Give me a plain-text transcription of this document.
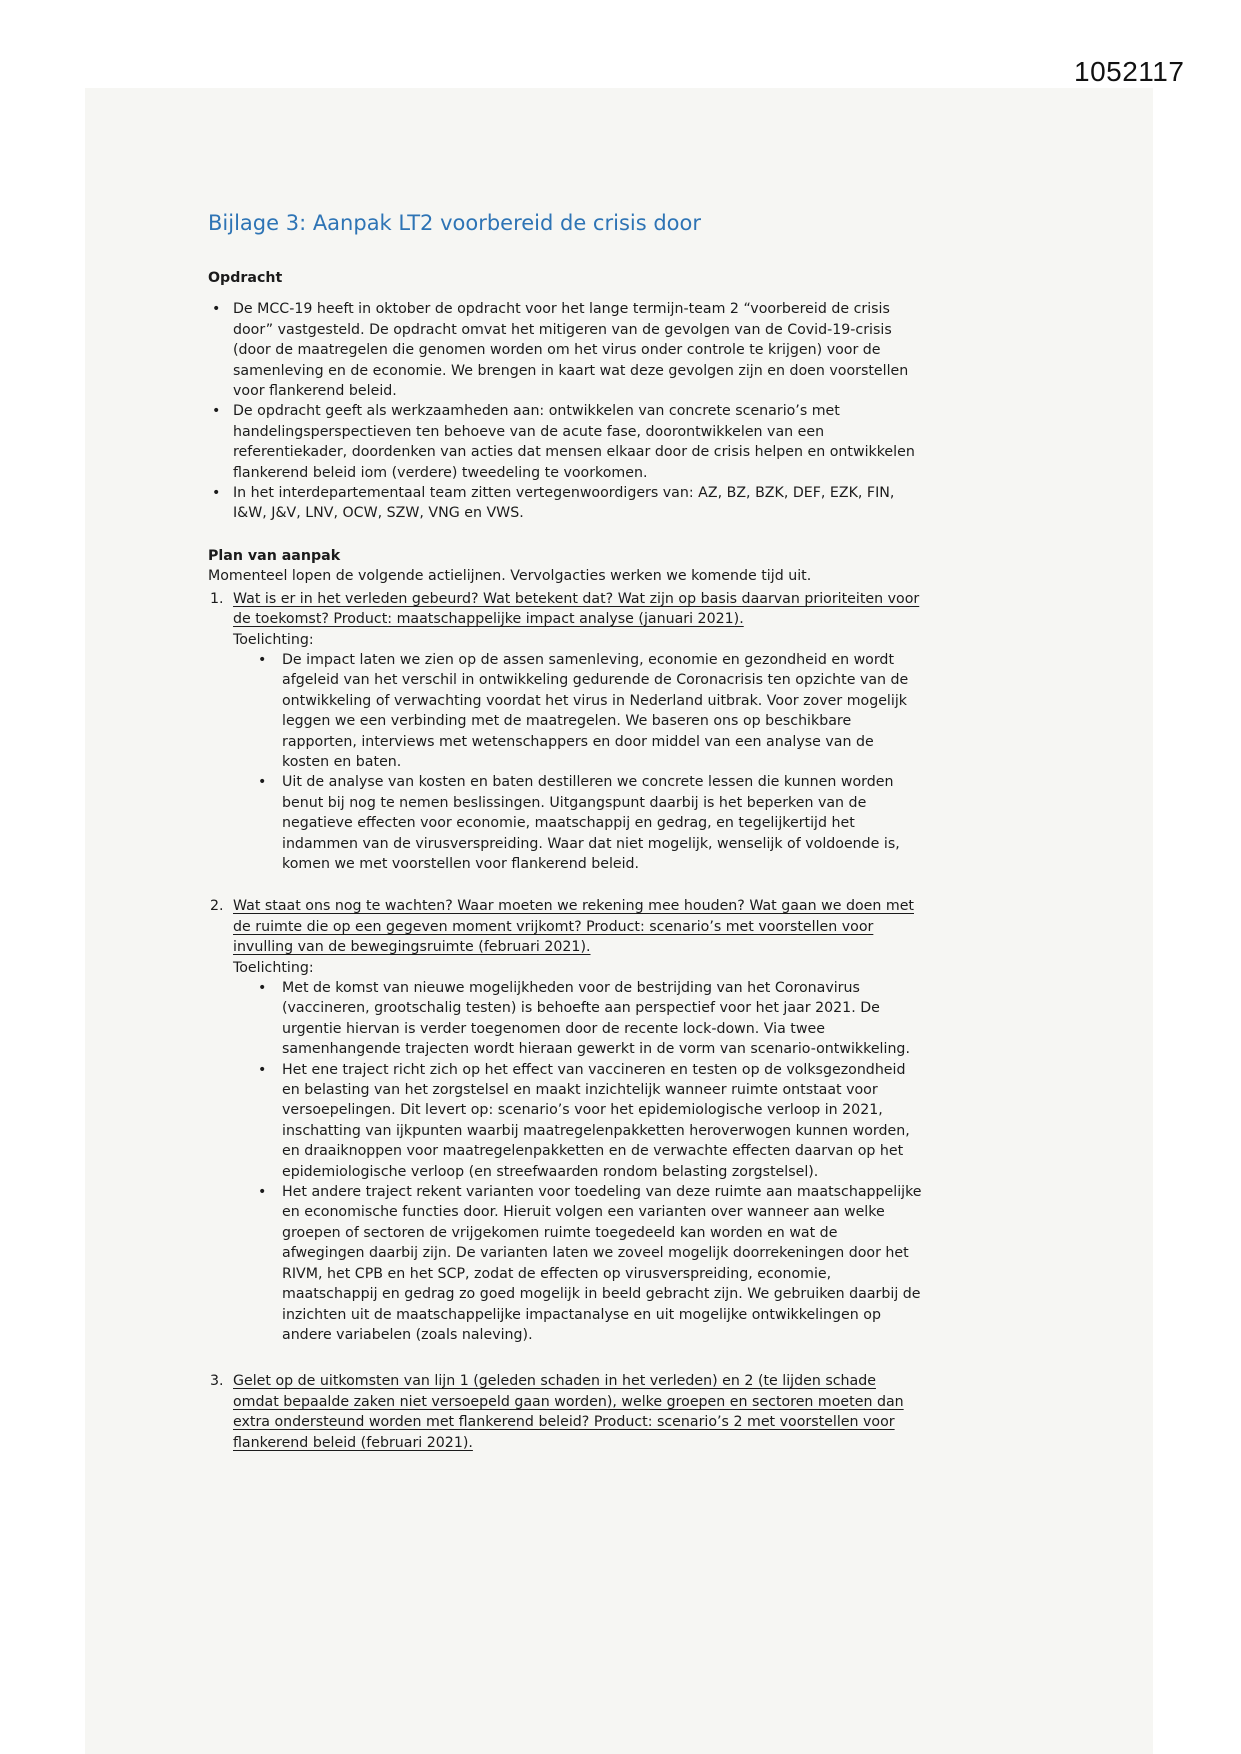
1052117
Bijlage 3: Aanpak LT2 voorbereid de crisis door

Opdracht

• De MCC-19 heeft in oktober de opdracht voor het lange termijn-team 2 “voorbereid de crisis door” vastgesteld. De opdracht omvat het mitigeren van de gevolgen van de Covid-19-crisis (door de maatregelen die genomen worden om het virus onder controle te krijgen) voor de samenleving en de economie. We brengen in kaart wat deze gevolgen zijn en doen voorstellen voor flankerend beleid.
• De opdracht geeft als werkzaamheden aan: ontwikkelen van concrete scenario’s met handelingsperspectieven ten behoeve van de acute fase, doorontwikkelen van een referentiekader, doordenken van acties dat mensen elkaar door de crisis helpen en ontwikkelen flankerend beleid iom (verdere) tweedeling te voorkomen.
• In het interdepartementaal team zitten vertegenwoordigers van: AZ, BZ, BZK, DEF, EZK, FIN, I&W, J&V, LNV, OCW, SZW, VNG en VWS.

Plan van aanpak

Momenteel lopen de volgende actielijnen. Vervolgacties werken we komende tijd uit.

1. Wat is er in het verleden gebeurd? Wat betekent dat? Wat zijn op basis daarvan prioriteiten voor de toekomst? Product: maatschappelijke impact analyse (januari 2021).

Toelichting:

•	De impact laten we zien op de assen samenleving, economie en gezondheid en wordt afgeleid van het verschil in ontwikkeling gedurende de Coronacrisis ten opzichte van de ontwikkeling of verwachting voordat het virus in Nederland uitbrak. Voor zover mogelijk leggen we een verbinding met de maatregelen. We baseren ons op beschikbare rapporten, interviews met wetenschappers en door middel van een analyse van de kosten en baten.
•	Uit de analyse van kosten en baten destilleren we concrete lessen die kunnen worden benut bij nog te nemen beslissingen. Uitgangspunt daarbij is het beperken van de negatieve effecten voor economie, maatschappij en gedrag, en tegelijkertijd het indammen van de virusverspreiding. Waar dat niet mogelijk, wenselijk of voldoende is, komen we met voorstellen voor flankerend beleid.
2. Wat staat ons nog te wachten? Waar moeten we rekening mee houden? Wat gaan we doen met de ruimte die op een gegeven moment vrijkomt? Product: scenario’s met voorstellen voor invulling van de bewegingsruimte (februari 2021).

Toelichting:

•	Met de komst van nieuwe mogelijkheden voor de bestrijding van het Coronavirus (vaccineren, grootschalig testen) is behoefte aan perspectief voor het jaar 2021. De urgentie hiervan is verder toegenomen door de recente lock-down. Via twee samenhangende trajecten wordt hieraan gewerkt in de vorm van scenario-ontwikkeling.
•	Het ene traject richt zich op het effect van vaccineren en testen op de volksgezondheid en belasting van het zorgstelsel en maakt inzichtelijk wanneer ruimte ontstaat voor versoepelingen. Dit levert op: scenario’s voor het epidemiologische verloop in 2021, inschatting van ijkpunten waarbij maatregelenpakketten heroverwogen kunnen worden, en draaiknoppen voor maatregelenpakketten en de verwachte effecten daarvan op het epidemiologische verloop (en streefwaarden rondom belasting zorgstelsel).
•	Het andere traject rekent varianten voor toedeling van deze ruimte aan maatschappelijke en economische functies door. Hieruit volgen een varianten over wanneer aan welke groepen of sectoren de vrijgekomen ruimte toegedeeld kan worden en wat de afwegingen daarbij zijn. De varianten laten we zoveel mogelijk doorrekeningen door het RIVM, het CPB en het SCP, zodat de effecten op virusverspreiding, economie, maatschappij en gedrag zo goed mogelijk in beeld gebracht zijn. We gebruiken daarbij de inzichten uit de maatschappelijke impactanalyse en uit mogelijke ontwikkelingen op andere variabelen (zoals naleving).
3. Gelet op de uitkomsten van lijn 1 (geleden schaden in het verleden) en 2 (te lijden schade omdat bepaalde zaken niet versoepeld gaan worden), welke groepen en sectoren moeten dan extra ondersteund worden met flankerend beleid? Product: scenario’s 2 met voorstellen voor flankerend beleid (februari 2021).
